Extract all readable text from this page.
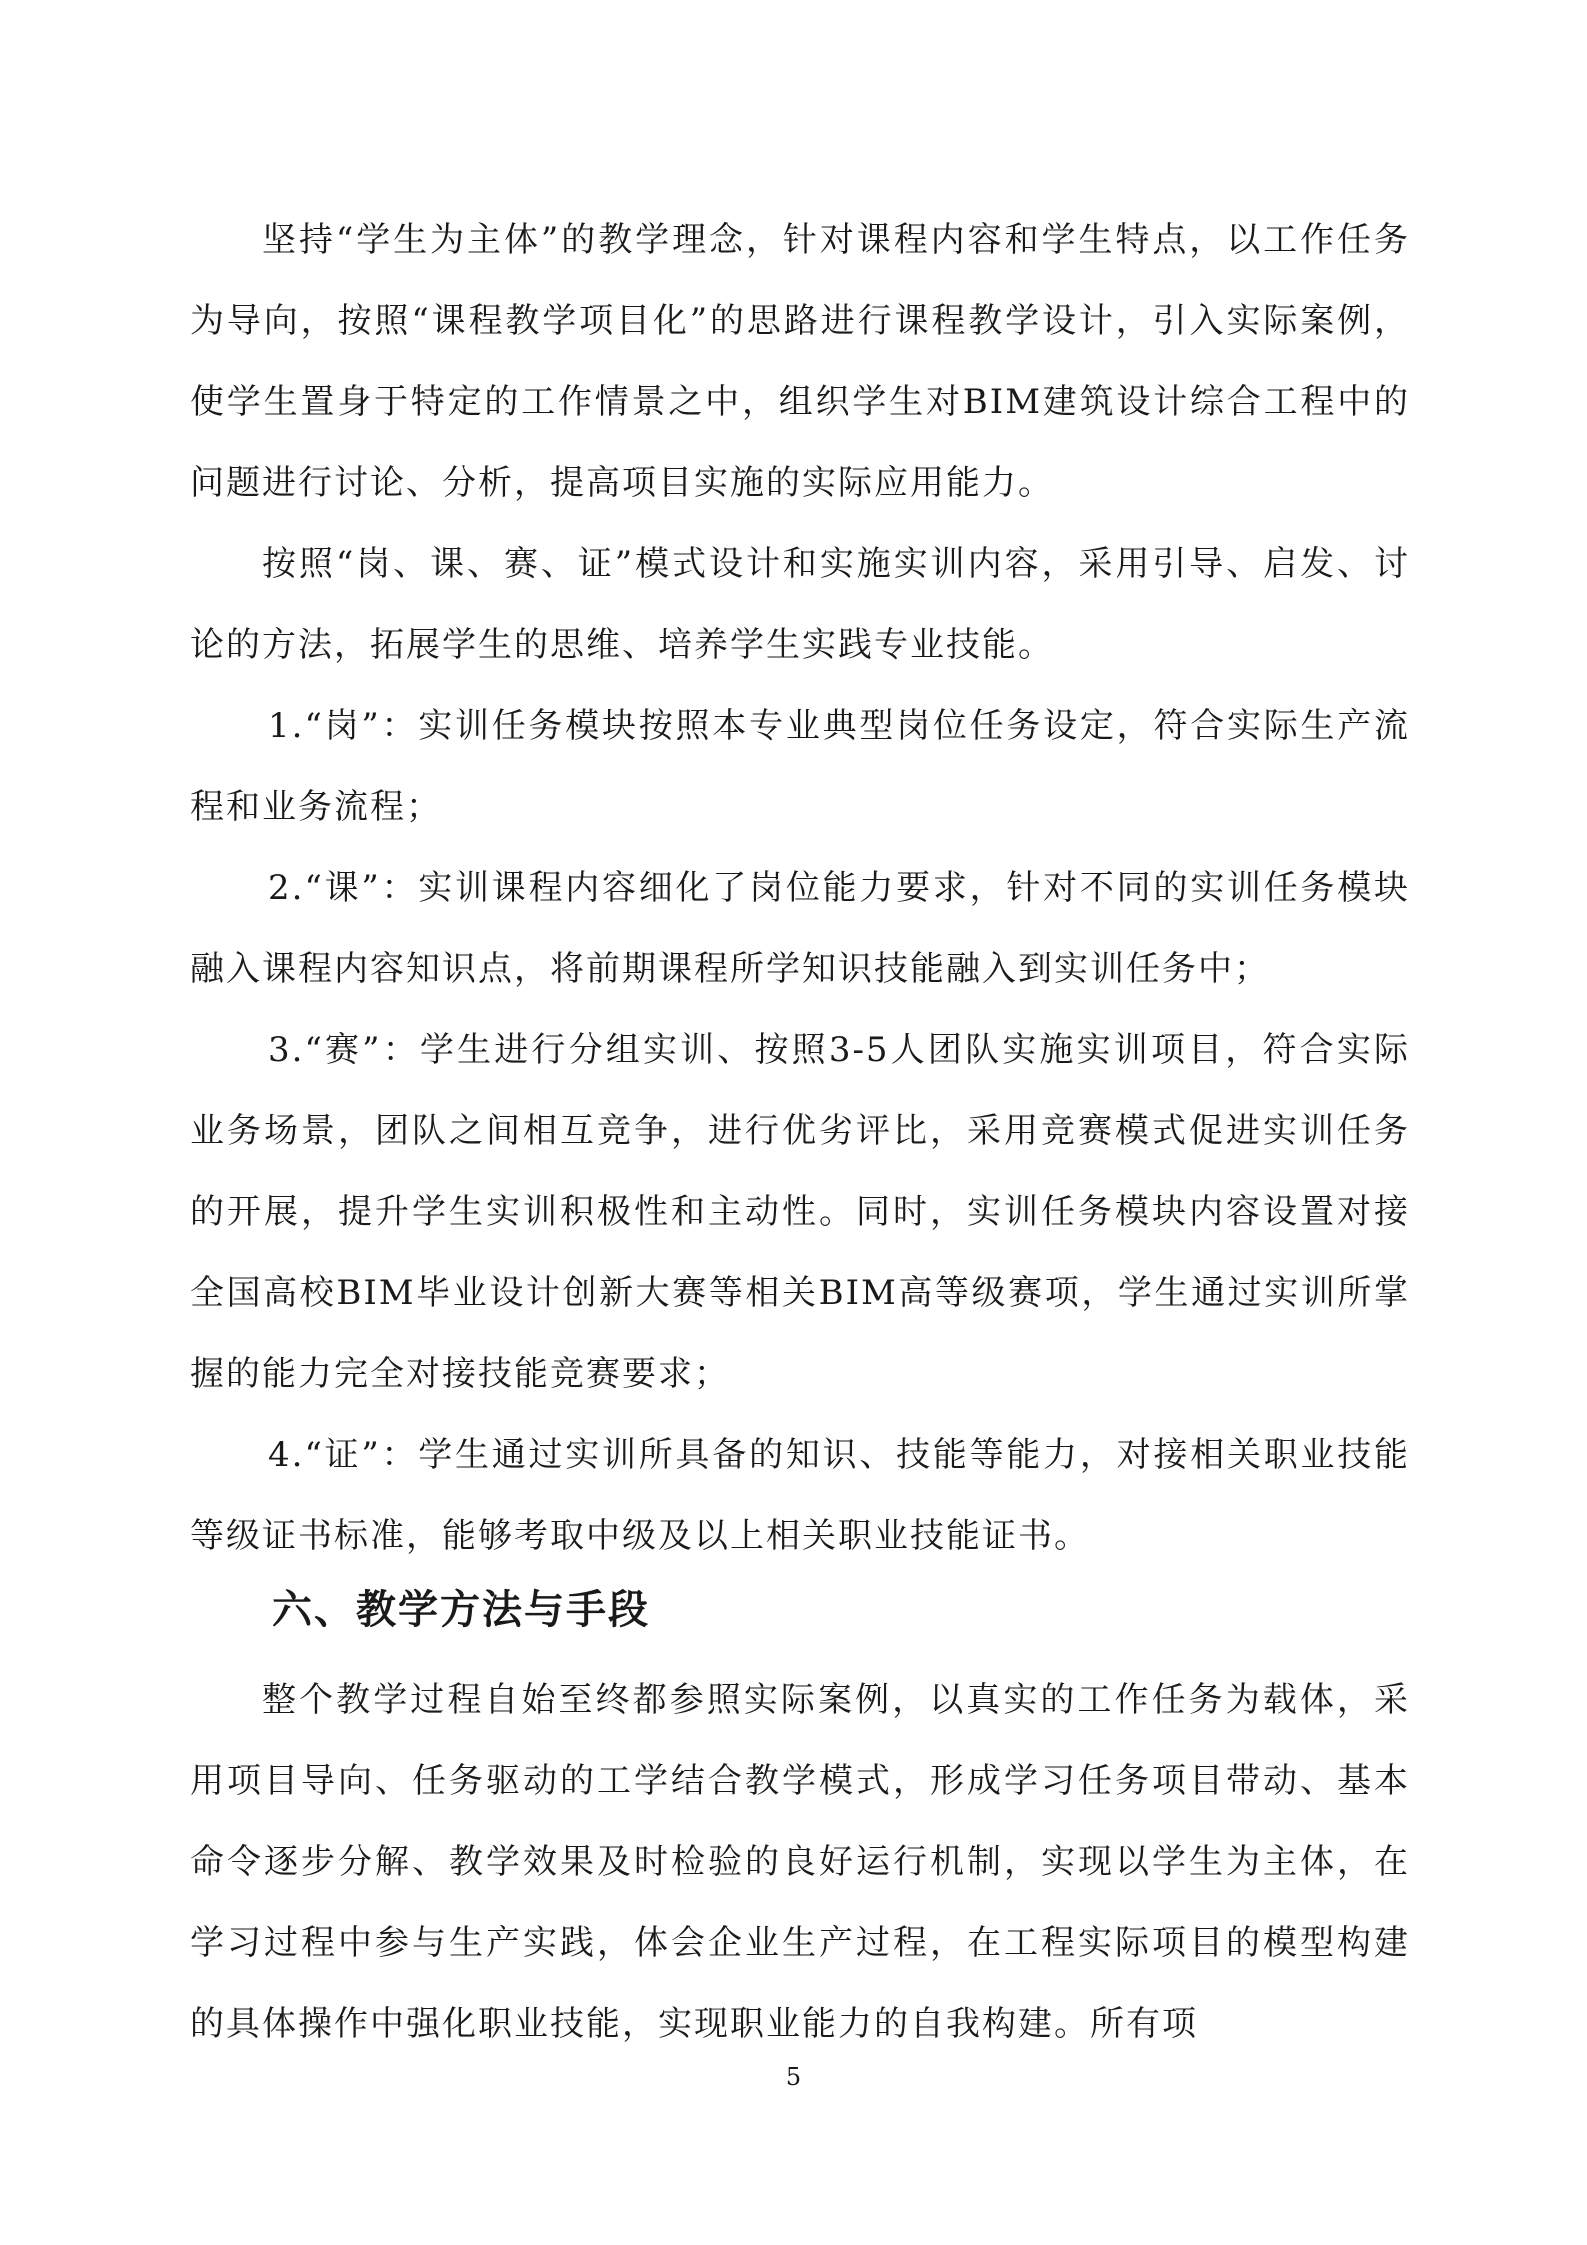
坚持“学生为主体”的教学理念，针对课程内容和学生特点，以工作任务为导向，按照“课程教学项目化”的思路进行课程教学设计，引入实际案例，使学生置身于特定的工作情景之中，组织学生对BIM建筑设计综合工程中的问题进行讨论、分析，提高项目实施的实际应用能力。

按照“岗、课、赛、证”模式设计和实施实训内容，采用引导、启发、讨论的方法，拓展学生的思维、培养学生实践专业技能。

1.“岗”：实训任务模块按照本专业典型岗位任务设定，符合实际生产流程和业务流程；

2.“课”：实训课程内容细化了岗位能力要求，针对不同的实训任务模块融入课程内容知识点，将前期课程所学知识技能融入到实训任务中；

3.“赛”：学生进行分组实训、按照3-5人团队实施实训项目，符合实际业务场景，团队之间相互竞争，进行优劣评比，采用竞赛模式促进实训任务的开展，提升学生实训积极性和主动性。同时，实训任务模块内容设置对接全国高校BIM毕业设计创新大赛等相关BIM高等级赛项，学生通过实训所掌握的能力完全对接技能竞赛要求；

4.“证”：学生通过实训所具备的知识、技能等能力，对接相关职业技能等级证书标准，能够考取中级及以上相关职业技能证书。

六、教学方法与手段

整个教学过程自始至终都参照实际案例，以真实的工作任务为载体，采用项目导向、任务驱动的工学结合教学模式，形成学习任务项目带动、基本命令逐步分解、教学效果及时检验的良好运行机制，实现以学生为主体，在学习过程中参与生产实践，体会企业生产过程，在工程实际项目的模型构建的具体操作中强化职业技能，实现职业能力的自我构建。所有项

5
